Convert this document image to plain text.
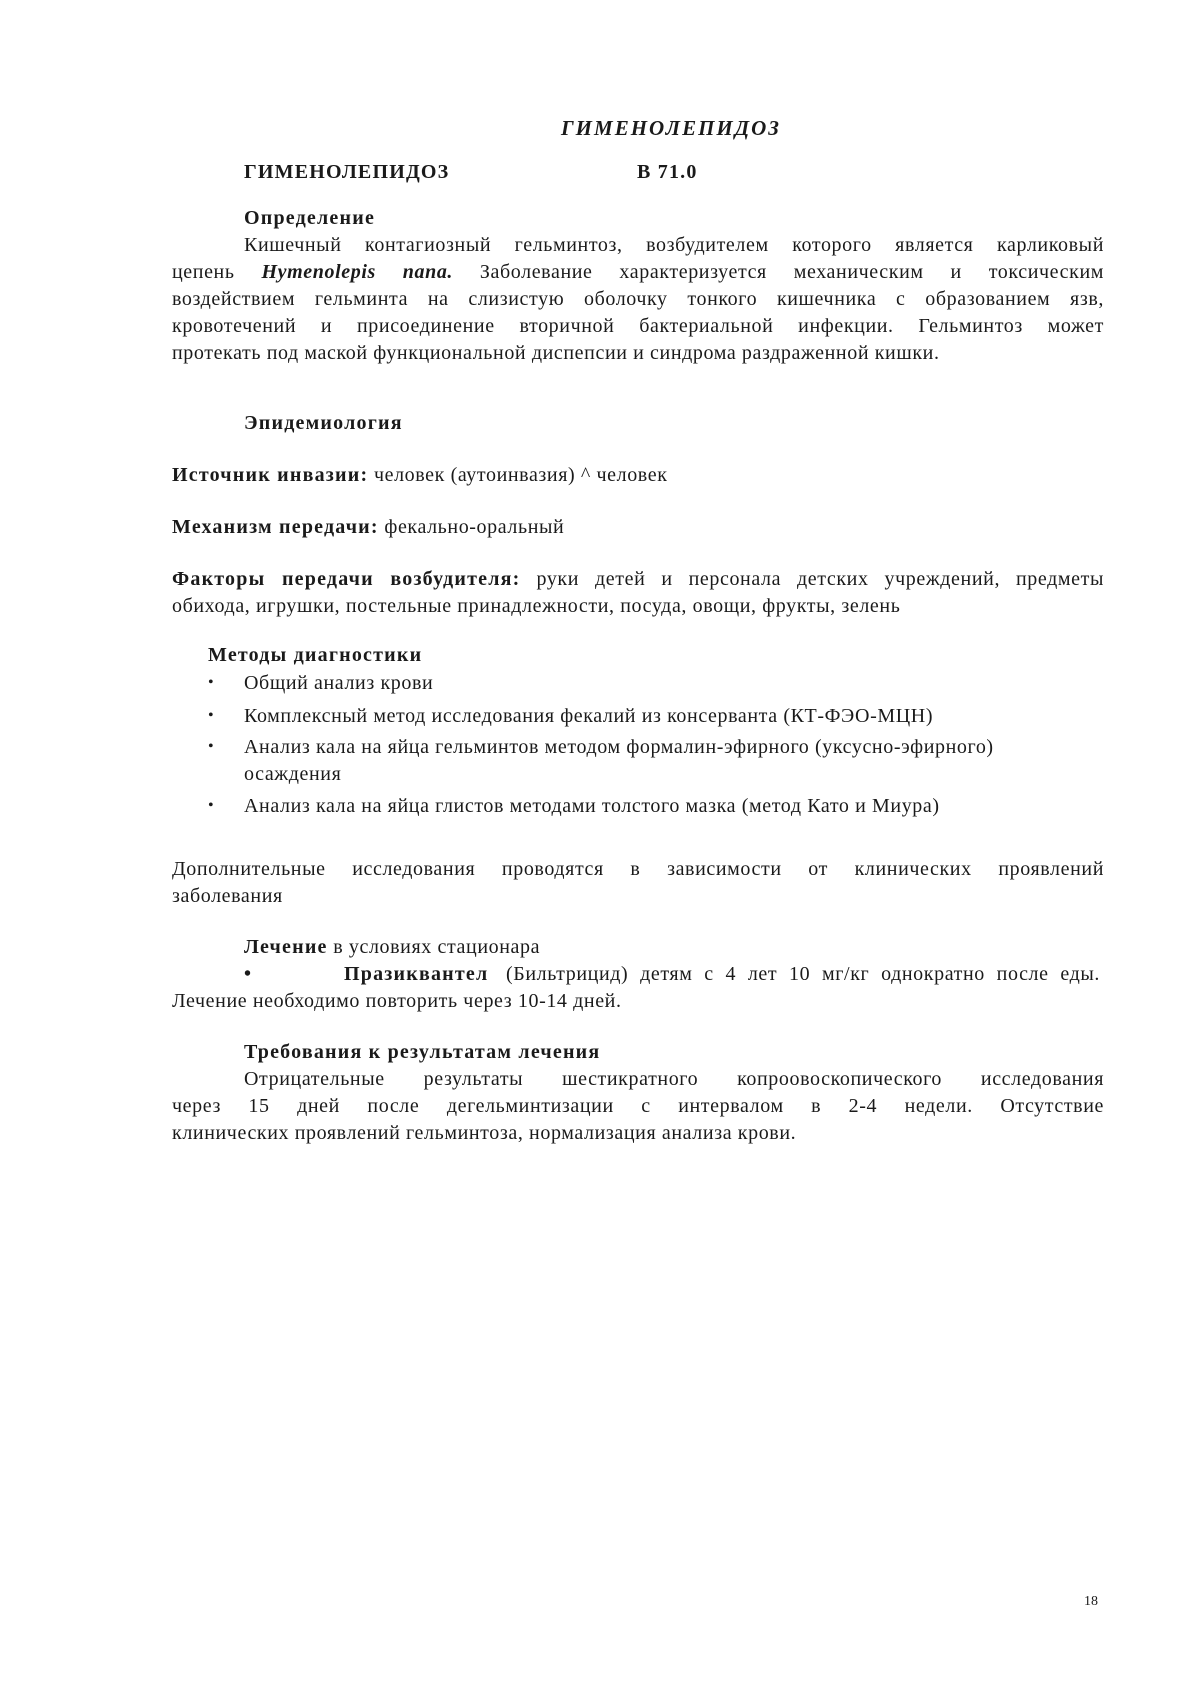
ГИМЕНОЛЕПИДОЗ
ГИМЕНОЛЕПИДОЗ	В 71.0
Определение
Кишечный контагиозный гельминтоз, возбудителем которого является карликовый
цепень Hymenolepis nana. Заболевание характеризуется механическим и токсическим
воздействием гельминта на слизистую оболочку тонкого кишечника с образованием язв,
кровотечений и присоединение вторичной бактериальной инфекции. Гельминтоз может
протекать под маской функциональной диспепсии и синдрома раздраженной кишки.
Эпидемиология
Источник инвазии: человек (аутоинвазия) ^ человек
Механизм передачи: фекально-оральный
Факторы передачи возбудителя: руки детей и персонала детских учреждений, предметы
обихода, игрушки, постельные принадлежности, посуда, овощи, фрукты, зелень
Методы диагностики
• Общий анализ крови
• Комплексный метод исследования фекалий из консерванта (КТ-ФЭО-МЦН)
• Анализ кала на яйца гельминтов методом формалин-эфирного (уксусно-эфирного)
осаждения
• Анализ кала на яйца глистов методами толстого мазка (метод Като и Миура)
Дополнительные исследования проводятся в зависимости от клинических проявлений
заболевания
Лечение в условиях стационара
•	Празиквантел (Бильтрицид) детям с 4 лет 10 мг/кг однократно после еды.
Лечение необходимо повторить через 10-14 дней.
Требования к результатам лечения
Отрицательные результаты шестикратного копроовоскопического исследования
через 15 дней после дегельминтизации с интервалом в 2-4 недели. Отсутствие
клинических проявлений гельминтоза, нормализация анализа крови.
18
